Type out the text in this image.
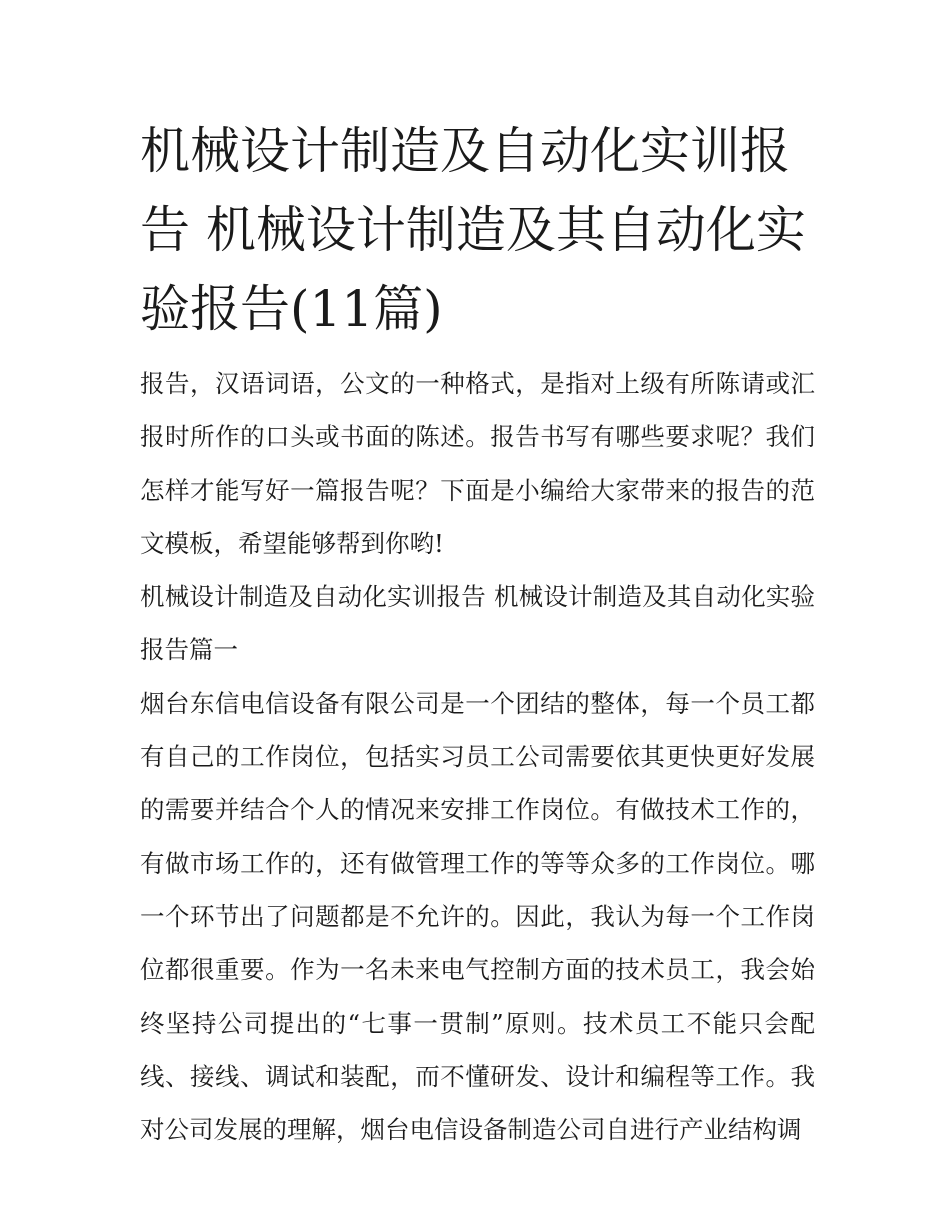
机械设计制造及自动化实训报告 机械设计制造及其自动化实验报告(11篇)

报告，汉语词语，公文的一种格式，是指对上级有所陈请或汇报时所作的口头或书面的陈述。报告书写有哪些要求呢？我们怎样才能写好一篇报告呢？下面是小编给大家带来的报告的范文模板，希望能够帮到你哟!

机械设计制造及自动化实训报告 机械设计制造及其自动化实验报告篇一

烟台东信电信设备有限公司是一个团结的整体，每一个员工都有自己的工作岗位，包括实习员工公司需要依其更快更好发展的需要并结合个人的情况来安排工作岗位。有做技术工作的，有做市场工作的，还有做管理工作的等等众多的工作岗位。哪一个环节出了问题都是不允许的。因此，我认为每一个工作岗位都很重要。作为一名未来电气控制方面的技术员工，我会始终坚持公司提出的“七事一贯制”原则。技术员工不能只会配线、接线、调试和装配，而不懂研发、设计和编程等工作。我对公司发展的理解，烟台电信设备制造公司自进行产业结构调
